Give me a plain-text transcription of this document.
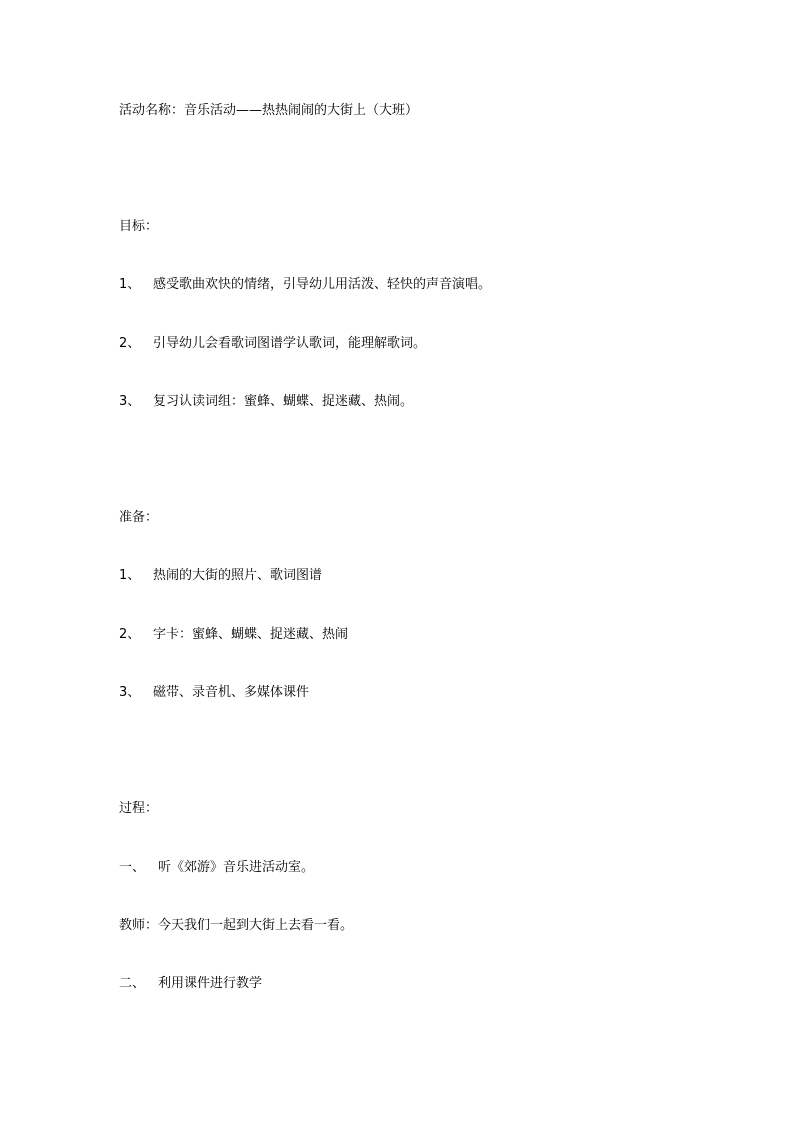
活动名称：音乐活动——热热闹闹的大街上（大班）
目标：
1、 感受歌曲欢快的情绪，引导幼儿用活泼、轻快的声音演唱。
2、 引导幼儿会看歌词图谱学认歌词，能理解歌词。
3、 复习认读词组：蜜蜂、蝴蝶、捉迷藏、热闹。
准备：
1、 热闹的大街的照片、歌词图谱
2、 字卡：蜜蜂、蝴蝶、捉迷藏、热闹
3、 磁带、录音机、多媒体课件
过程：
一、 听《郊游》音乐进活动室。
教师：今天我们一起到大街上去看一看。
二、 利用课件进行教学
